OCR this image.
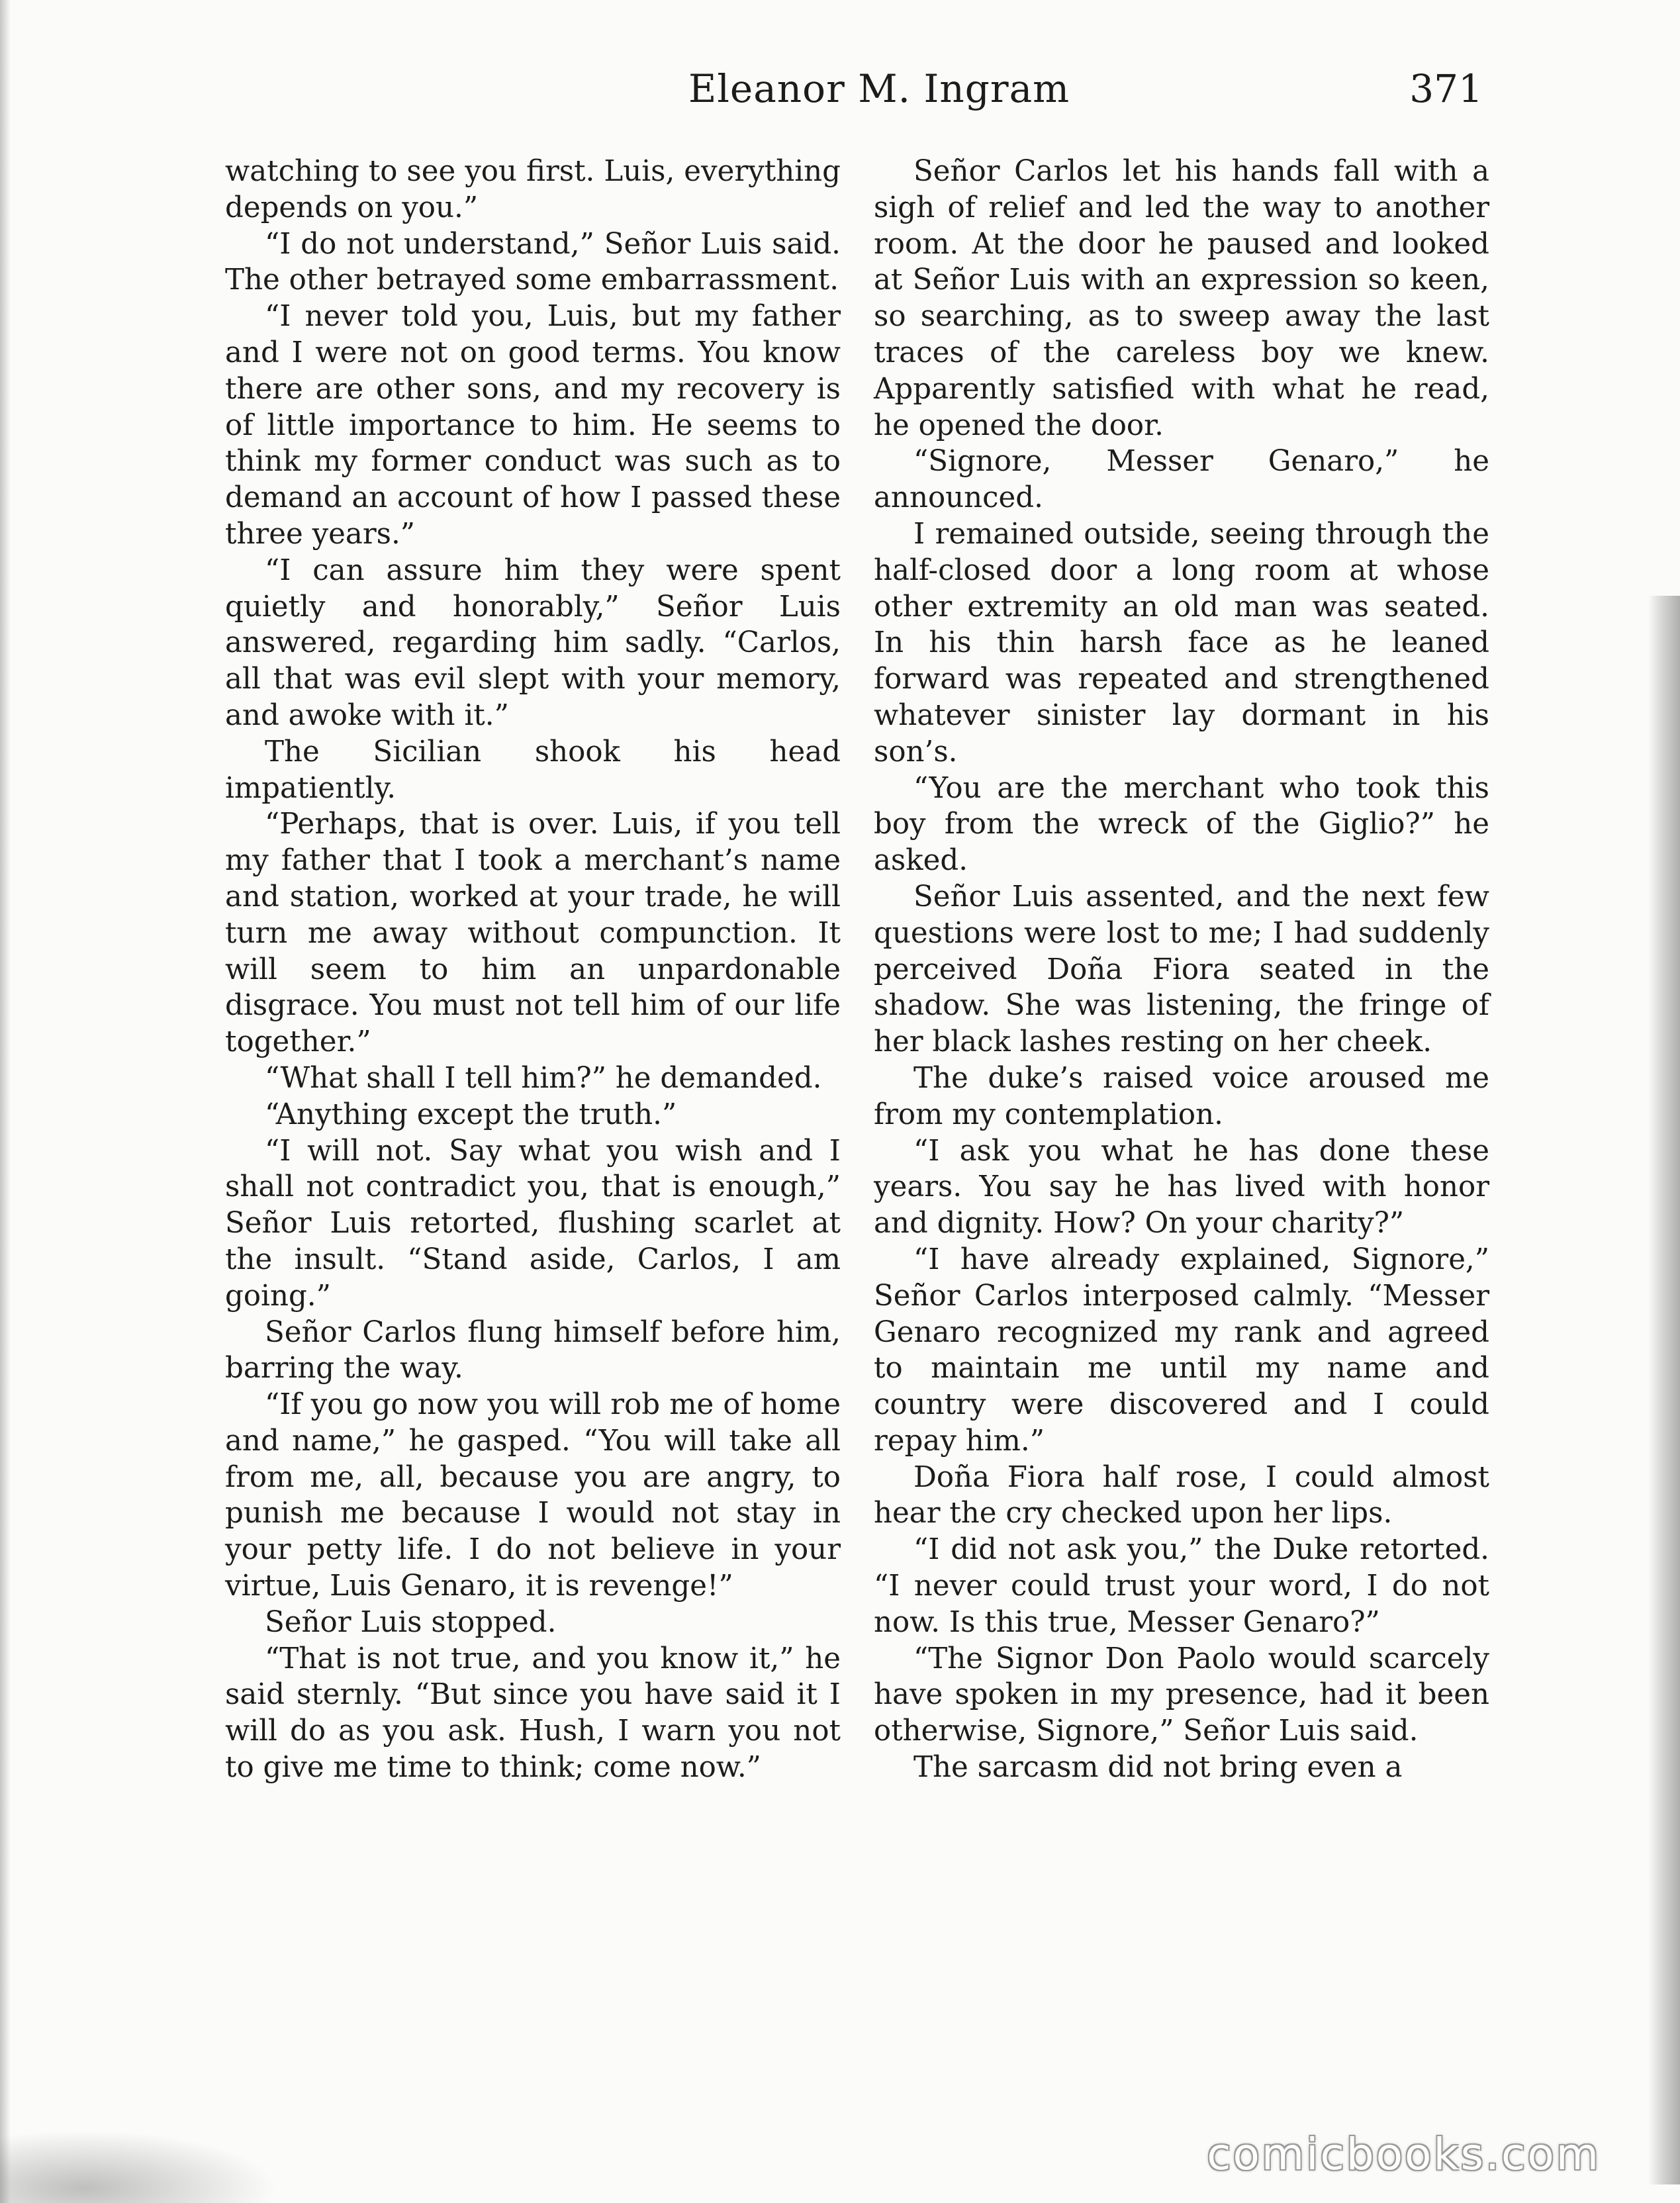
Eleanor M. Ingram	371

watching to see you first. Luis, everything depends on you.”

“I do not understand,” Señor Luis said. The other betrayed some embarrassment.

“I never told you, Luis, but my father and I were not on good terms. You know there are other sons, and my recovery is of little importance to him. He seems to think my former conduct was such as to demand an account of how I passed these three years.”

“I can assure him they were spent quietly and honorably,” Señor Luis answered, regarding him sadly. “Carlos, all that was evil slept with your memory, and awoke with it.”

The Sicilian shook his head impatiently.

“Perhaps, that is over. Luis, if you tell my father that I took a merchant’s name and station, worked at your trade, he will turn me away without compunction. It will seem to him an unpardonable disgrace. You must not tell him of our life together.”

“What shall I tell him?” he demanded.

“Anything except the truth.”

“I will not. Say what you wish and I shall not contradict you, that is enough,” Señor Luis retorted, flushing scarlet at the insult. “Stand aside, Carlos, I am going.”

Señor Carlos flung himself before him, barring the way.

“If you go now you will rob me of home and name,” he gasped. “You will take all from me, all, because you are angry, to punish me because I would not stay in your petty life. I do not believe in your virtue, Luis Genaro, it is revenge!”

Señor Luis stopped.

“That is not true, and you know it,” he said sternly. “But since you have said it I will do as you ask. Hush, I warn you not to give me time to think; come now.”

Señor Carlos let his hands fall with a sigh of relief and led the way to another room. At the door he paused and looked at Señor Luis with an expression so keen, so searching, as to sweep away the last traces of the careless boy we knew. Apparently satisfied with what he read, he opened the door.

“Signore, Messer Genaro,” he announced.

I remained outside, seeing through the half-closed door a long room at whose other extremity an old man was seated. In his thin harsh face as he leaned forward was repeated and strengthened whatever sinister lay dormant in his son’s.

“You are the merchant who took this boy from the wreck of the Giglio?” he asked.

Señor Luis assented, and the next few questions were lost to me; I had suddenly perceived Doña Fiora seated in the shadow. She was listening, the fringe of her black lashes resting on her cheek.

The duke’s raised voice aroused me from my contemplation.

“I ask you what he has done these years. You say he has lived with honor and dignity. How? On your charity?”

“I have already explained, Signore,” Señor Carlos interposed calmly. “Messer Genaro recognized my rank and agreed to maintain me until my name and country were discovered and I could repay him.”

Doña Fiora half rose, I could almost hear the cry checked upon her lips.

“I did not ask you,” the Duke retorted. “I never could trust your word, I do not now. Is this true, Messer Genaro?”

“The Signor Don Paolo would scarcely have spoken in my presence, had it been otherwise, Signore,” Señor Luis said.

The sarcasm did not bring even a

comicbooks.com
